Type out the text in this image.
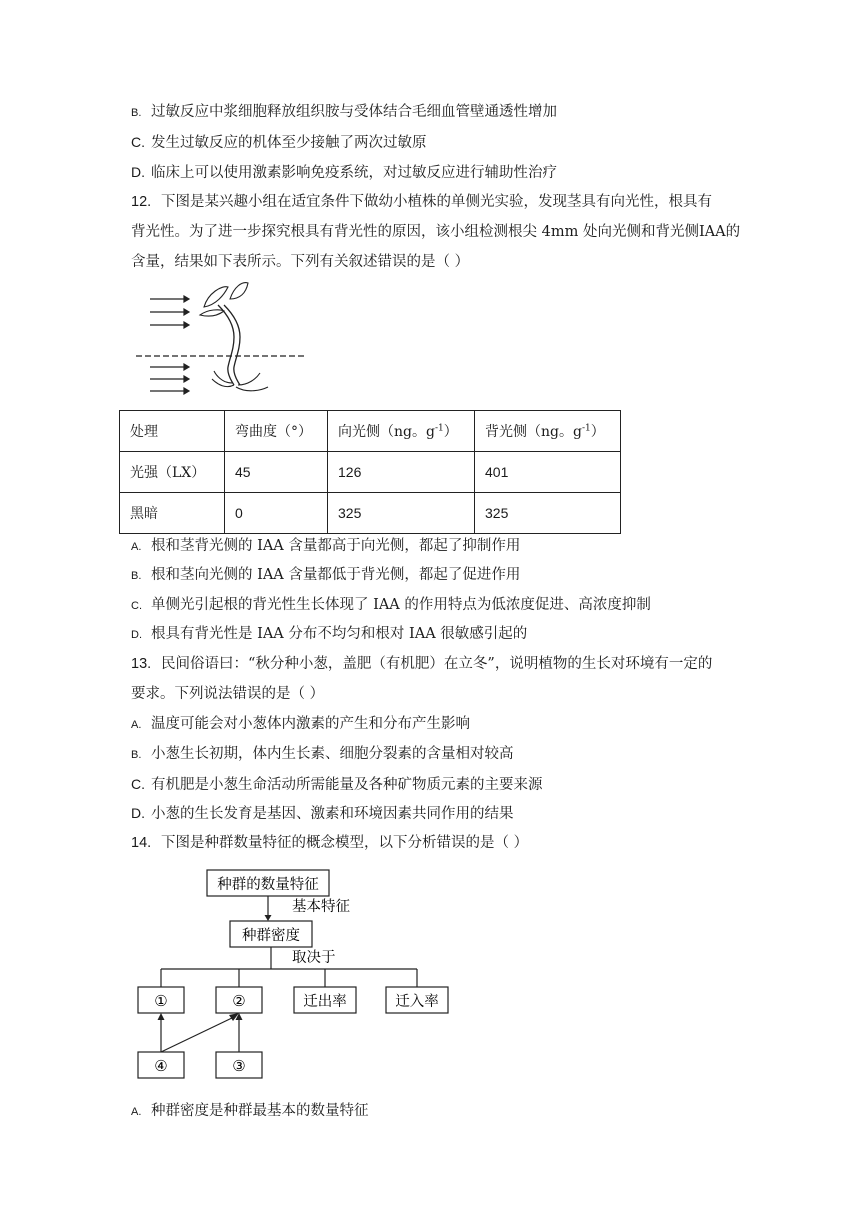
B. 过敏反应中浆细胞释放组织胺与受体结合毛细血管壁通透性增加
C. 发生过敏反应的机体至少接触了两次过敏原
D. 临床上可以使用激素影响免疫系统，对过敏反应进行辅助性治疗
12. 下图是某兴趣小组在适宜条件下做幼小植株的单侧光实验，发现茎具有向光性，根具有
背光性。为了进一步探究根具有背光性的原因，该小组检测根尖 4mm 处向光侧和背光侧IAA的
含量，结果如下表所示。下列有关叙述错误的是（ ）
处理	弯曲度（°）	向光侧（ng。$g^{-1}$）	背光侧（ng。$g^{-1}$）
光强（LX）	45	126	401
黑暗	0	325	325
A. 根和茎背光侧的 IAA 含量都高于向光侧，都起了抑制作用
B. 根和茎向光侧的 IAA 含量都低于背光侧，都起了促进作用
C. 单侧光引起根的背光性生长体现了 IAA 的作用特点为低浓度促进、高浓度抑制
D. 根具有背光性是 IAA 分布不均匀和根对 IAA 很敏感引起的
13. 民间俗语曰：“秋分种小葱，盖肥（有机肥）在立冬”，说明植物的生长对环境有一定的
要求。下列说法错误的是（ ）
A. 温度可能会对小葱体内激素的产生和分布产生影响
B. 小葱生长初期，体内生长素、细胞分裂素的含量相对较高
C. 有机肥是小葱生命活动所需能量及各种矿物质元素的主要来源
D. 小葱的生长发育是基因、激素和环境因素共同作用的结果
14. 下图是种群数量特征的概念模型，以下分析错误的是（ ）
种群的数量特征
基本特征
种群密度
取决于
①	②	迁出率	迁入率
④	③
A. 种群密度是种群最基本的数量特征
